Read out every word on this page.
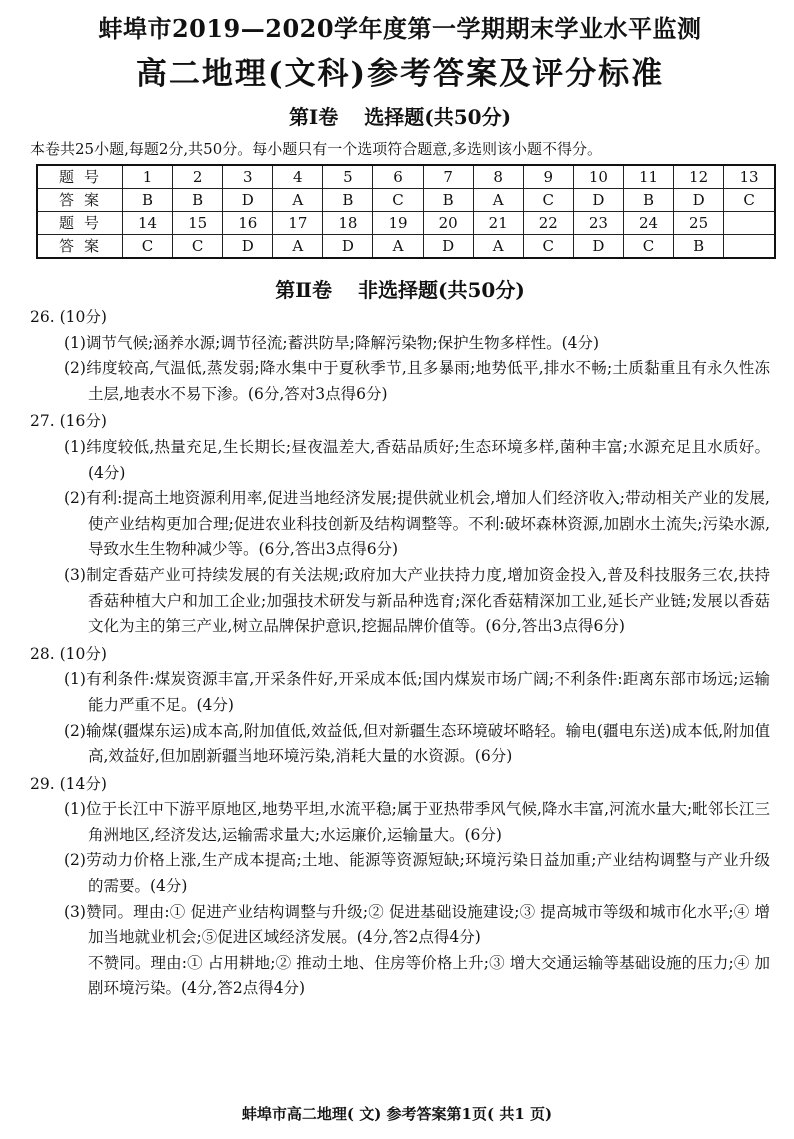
蚌埠市2019—2020学年度第一学期期末学业水平监测
高二地理(文科)参考答案及评分标准
第Ⅰ卷 选择题(共50分)
本卷共25小题,每题2分,共50分。每小题只有一个选项符合题意,多选则该小题不得分。
题号	1	2	3	4	5	6	7	8	9	10	11	12	13
答案	B	B	D	A	B	C	B	A	C	D	B	D	C
题号	14	15	16	17	18	19	20	21	22	23	24	25	
答案	C	C	D	A	D	A	D	A	C	D	C	B	
第Ⅱ卷 非选择题(共50分)
26. (10分)
(1)调节气候;涵养水源;调节径流;蓄洪防旱;降解污染物;保护生物多样性。(4分)
(2)纬度较高,气温低,蒸发弱;降水集中于夏秋季节,且多暴雨;地势低平,排水不畅;土质黏重且有永久性冻土层,地表水不易下渗。(6分,答对3点得6分)
27. (16分)
(1)纬度较低,热量充足,生长期长;昼夜温差大,香菇品质好;生态环境多样,菌种丰富;水源充足且水质好。(4分)
(2)有利:提高土地资源利用率,促进当地经济发展;提供就业机会,增加人们经济收入;带动相关产业的发展,使产业结构更加合理;促进农业科技创新及结构调整等。不利:破坏森林资源,加剧水土流失;污染水源,导致水生生物种减少等。(6分,答出3点得6分)
(3)制定香菇产业可持续发展的有关法规;政府加大产业扶持力度,增加资金投入,普及科技服务三农,扶持香菇种植大户和加工企业;加强技术研发与新品种选育;深化香菇精深加工业,延长产业链;发展以香菇文化为主的第三产业,树立品牌保护意识,挖掘品牌价值等。(6分,答出3点得6分)
28. (10分)
(1)有利条件:煤炭资源丰富,开采条件好,开采成本低;国内煤炭市场广阔;不利条件:距离东部市场远;运输能力严重不足。(4分)
(2)输煤(疆煤东运)成本高,附加值低,效益低,但对新疆生态环境破坏略轻。输电(疆电东送)成本低,附加值高,效益好,但加剧新疆当地环境污染,消耗大量的水资源。(6分)
29. (14分)
(1)位于长江中下游平原地区,地势平坦,水流平稳;属于亚热带季风气候,降水丰富,河流水量大;毗邻长江三角洲地区,经济发达,运输需求量大;水运廉价,运输量大。(6分)
(2)劳动力价格上涨,生产成本提高;土地、能源等资源短缺;环境污染日益加重;产业结构调整与产业升级的需要。(4分)
(3)赞同。理由:① 促进产业结构调整与升级;② 促进基础设施建设;③ 提高城市等级和城市化水平;④ 增加当地就业机会;⑤促进区域经济发展。(4分,答2点得4分)
不赞同。理由:① 占用耕地;② 推动土地、住房等价格上升;③ 增大交通运输等基础设施的压力;④ 加剧环境污染。(4分,答2点得4分)
蚌埠市高二地理( 文) 参考答案第1页( 共1 页)
